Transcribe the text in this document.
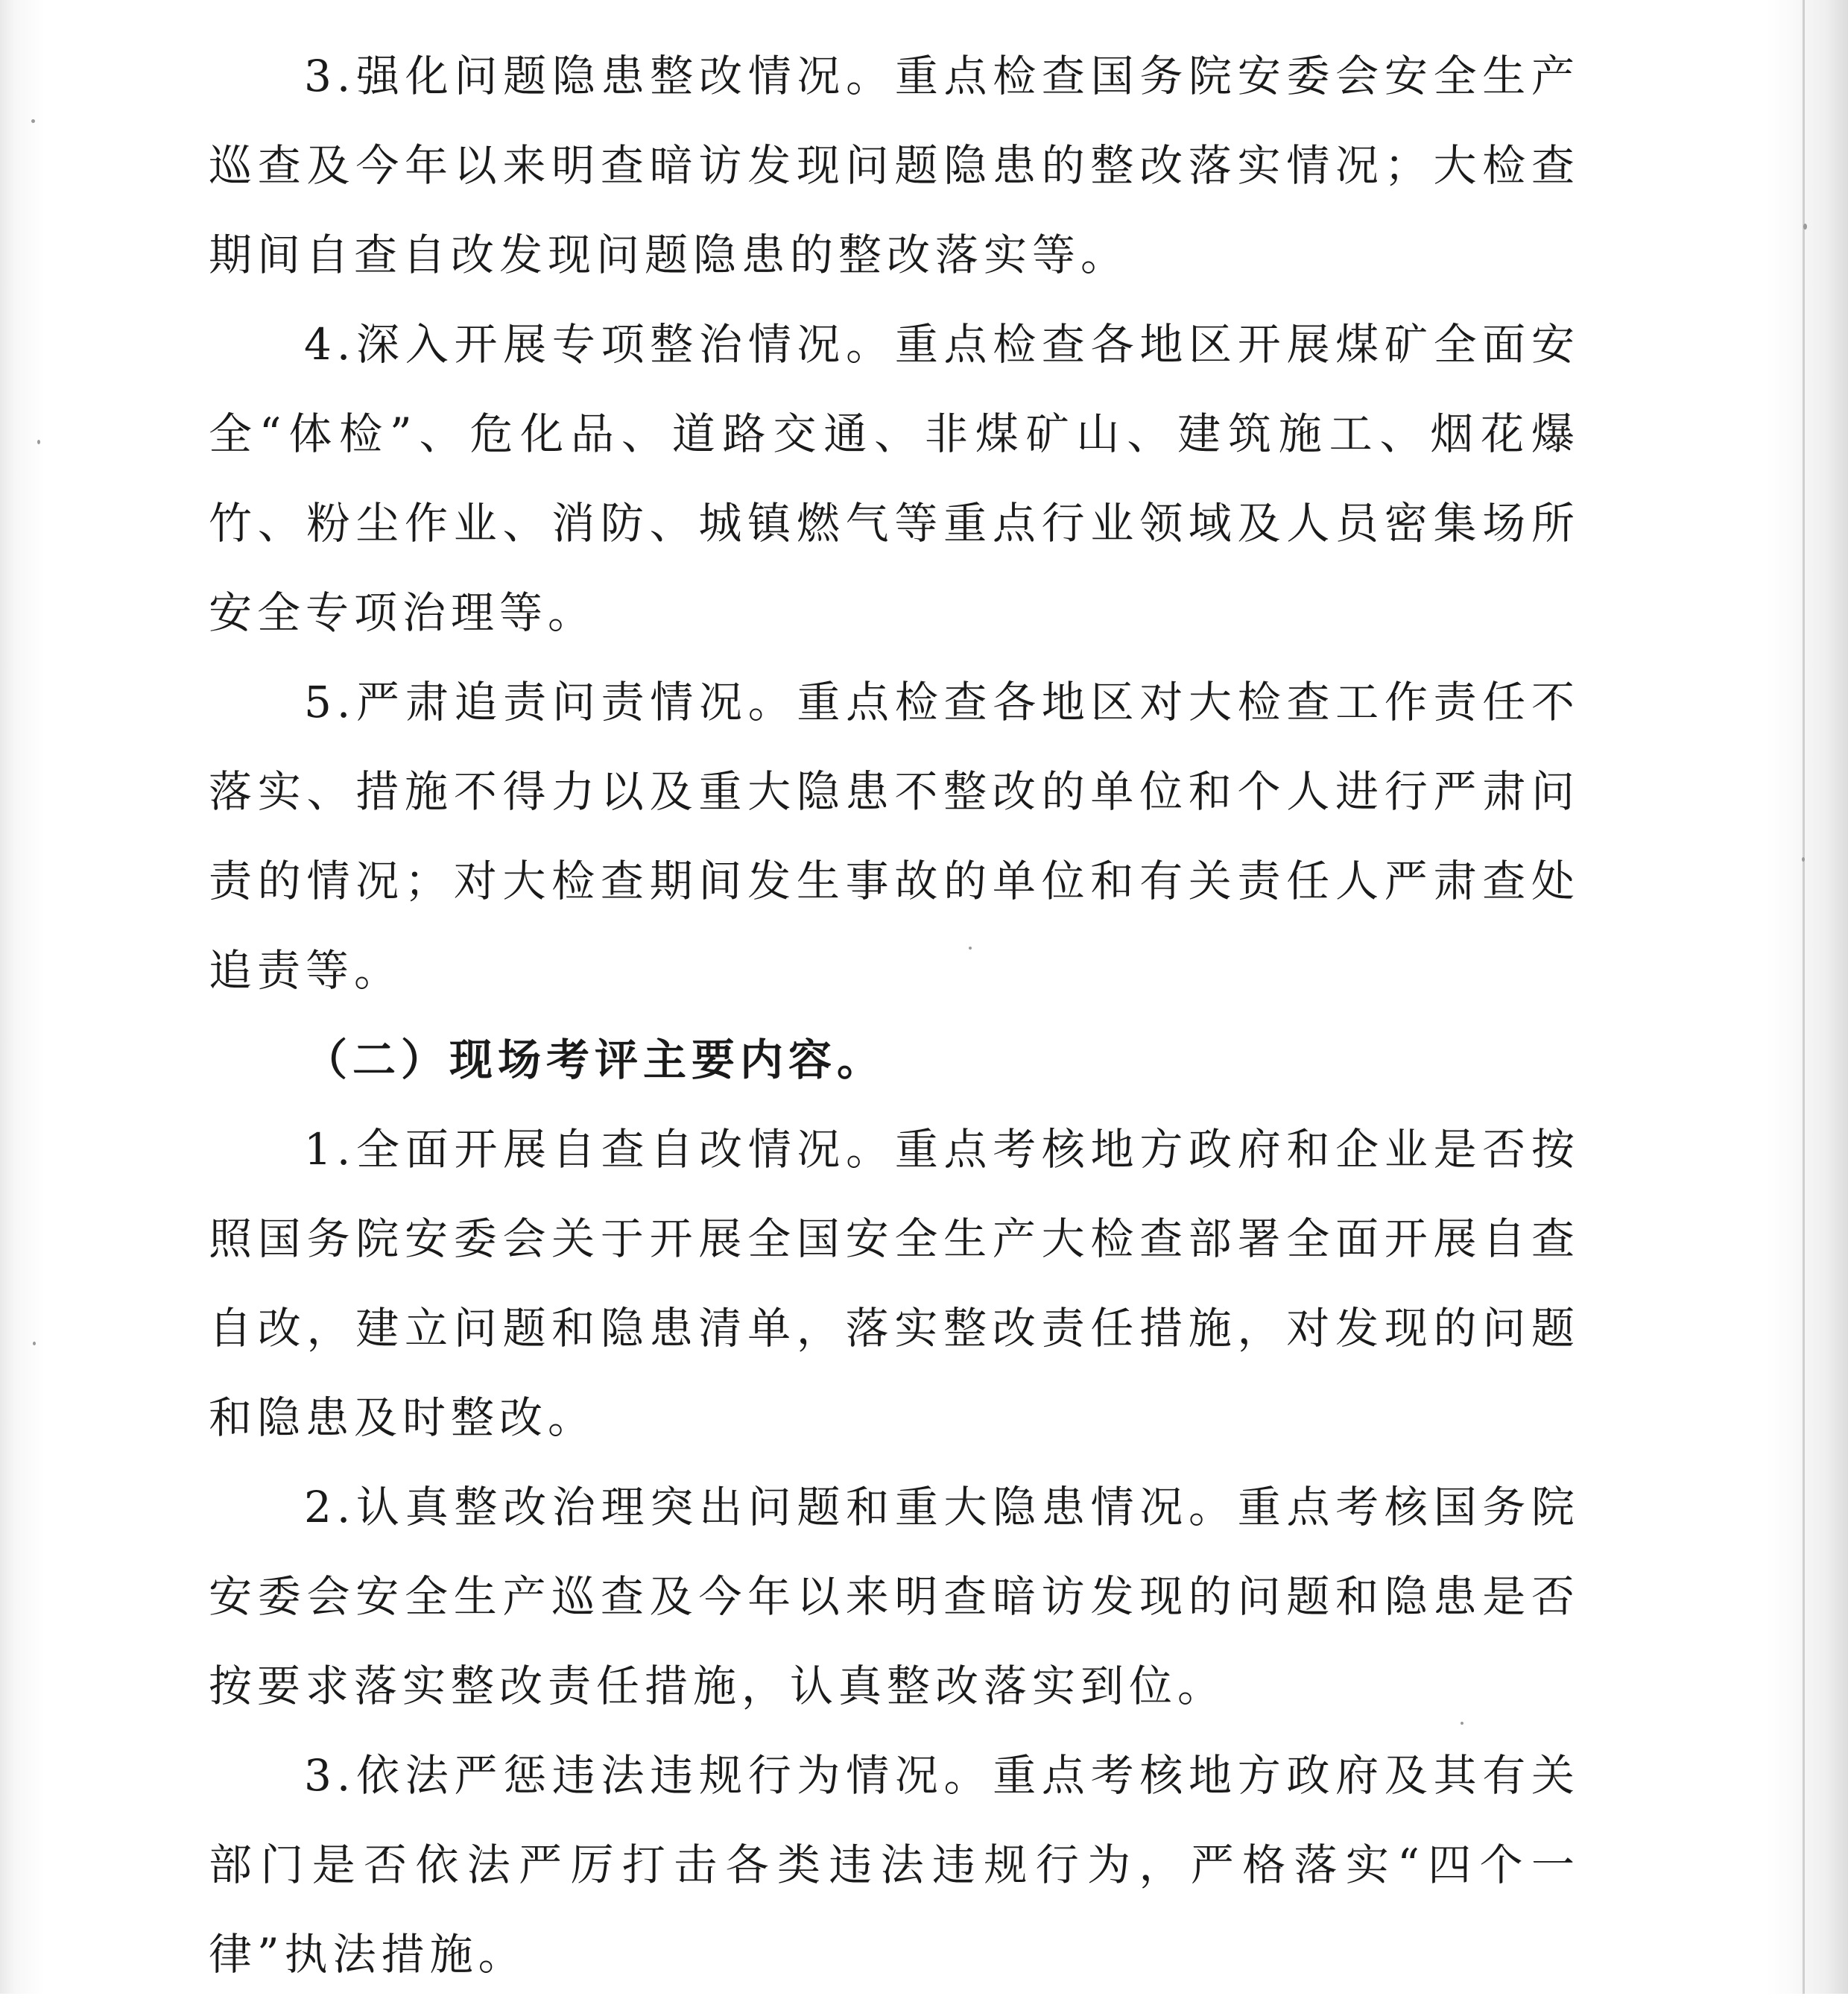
3.强化问题隐患整改情况。重点检查国务院安委会安全生产巡查及今年以来明查暗访发现问题隐患的整改落实情况；大检查期间自查自改发现问题隐患的整改落实等。

4.深入开展专项整治情况。重点检查各地区开展煤矿全面安全“体检”、危化品、道路交通、非煤矿山、建筑施工、烟花爆竹、粉尘作业、消防、城镇燃气等重点行业领域及人员密集场所安全专项治理等。

5.严肃追责问责情况。重点检查各地区对大检查工作责任不落实、措施不得力以及重大隐患不整改的单位和个人进行严肃问责的情况；对大检查期间发生事故的单位和有关责任人严肃查处追责等。

（二）现场考评主要内容。

1.全面开展自查自改情况。重点考核地方政府和企业是否按照国务院安委会关于开展全国安全生产大检查部署全面开展自查自改，建立问题和隐患清单，落实整改责任措施，对发现的问题和隐患及时整改。

2.认真整改治理突出问题和重大隐患情况。重点考核国务院安委会安全生产巡查及今年以来明查暗访发现的问题和隐患是否按要求落实整改责任措施，认真整改落实到位。

3.依法严惩违法违规行为情况。重点考核地方政府及其有关部门是否依法严厉打击各类违法违规行为，严格落实“四个一律”执法措施。
